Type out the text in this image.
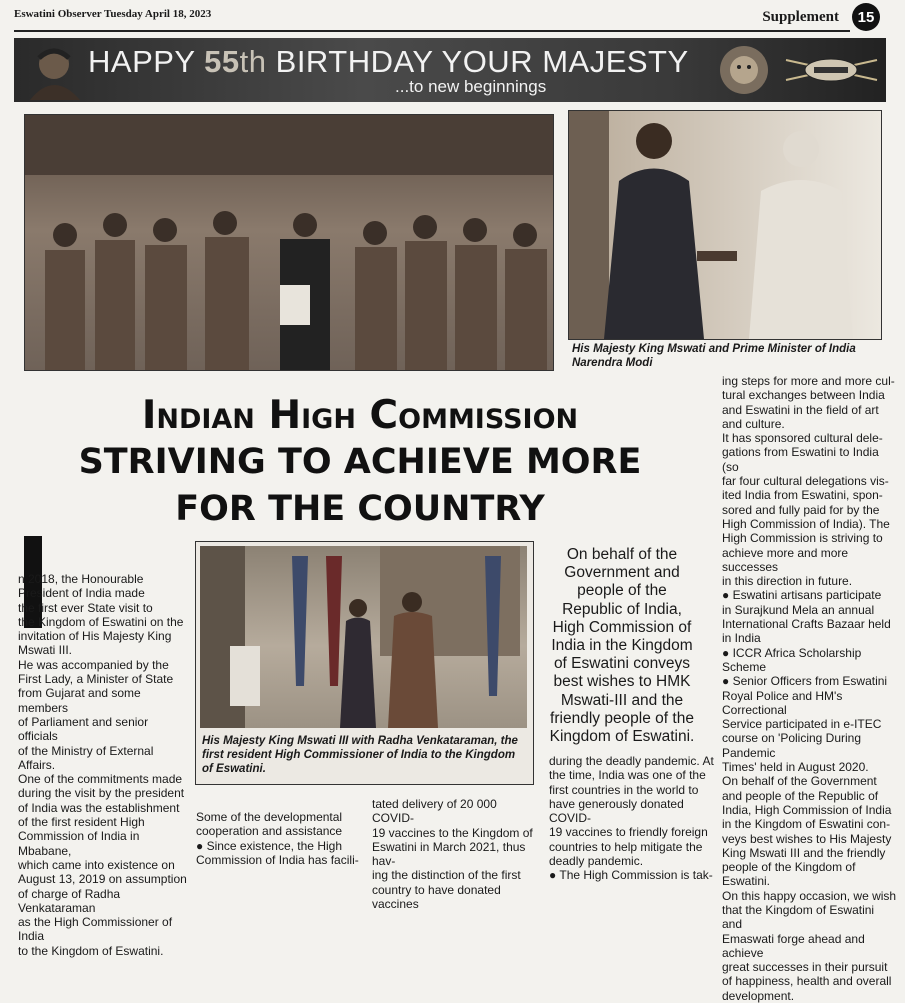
Eswatini Observer Tuesday April 18, 2023	Supplement	15
HAPPY 55th BIRTHDAY YOUR MAJESTY
...to new beginnings
His Majesty King Mswati and Prime Minister of India Narendra Modi
Indian High Commission
STRIVING TO ACHIEVE MORE
FOR THE COUNTRY

n 2018, the Honourable

President of India made

the first ever State visit to

the Kingdom of Eswatini on the

invitation of His Majesty King

Mswati III.

He was accompanied by the

First Lady, a Minister of State

from Gujarat and some members

of Parliament and senior officials

of the Ministry of External Affairs.

One of the commitments made

during the visit by the president

of India was the establishment

of the first resident High

Commission of India in Mbabane,

which came into existence on

August 13, 2019 on assumption

of charge of Radha Venkataraman

as the High Commissioner of India

to the Kingdom of Eswatini.

His Majesty King Mswati III with Radha Venkataraman, the first resident High Commissioner of India to the Kingdom of Eswatini.

Some of the developmental

cooperation and assistance

● Since existence, the High

Commission of India has facili-

tated delivery of 20 000 COVID-

19 vaccines to the Kingdom of

Eswatini in March 2021, thus hav-

ing the distinction of the first

country to have donated vaccines

On behalf of the Government and people of the Republic of India, High Commission of India in the Kingdom of Eswatini conveys best wishes to HMK Mswati-III and the friendly people of the Kingdom of Eswatini.

during the deadly pandemic. At

the time, India was one of the

first countries in the world to

have generously donated COVID-

19 vaccines to friendly foreign

countries to help mitigate the

deadly pandemic.

● The High Commission is tak-

ing steps for more and more cul-

tural exchanges between India

and Eswatini in the field of art

and culture.

It has sponsored cultural dele-

gations from Eswatini to India (so

far four cultural delegations vis-

ited India from Eswatini, spon-

sored and fully paid for by the

High Commission of India). The

High Commission is striving to

achieve more and more successes

in this direction in future.

● Eswatini artisans participate

in Surajkund Mela an annual

International Crafts Bazaar held

in India

● ICCR Africa Scholarship Scheme

● Senior Officers from Eswatini

Royal Police and HM's Correctional

Service participated in e-ITEC

course on 'Policing During Pandemic

Times' held in August 2020.

On behalf of the Government

and people of the Republic of

India, High Commission of India

in the Kingdom of Eswatini con-

veys best wishes to His Majesty

King Mswati III and the friendly

people of the Kingdom of Eswatini.

On this happy occasion, we wish

that the Kingdom of Eswatini and

Emaswati forge ahead and achieve

great successes in their pursuit

of happiness, health and overall

development.
